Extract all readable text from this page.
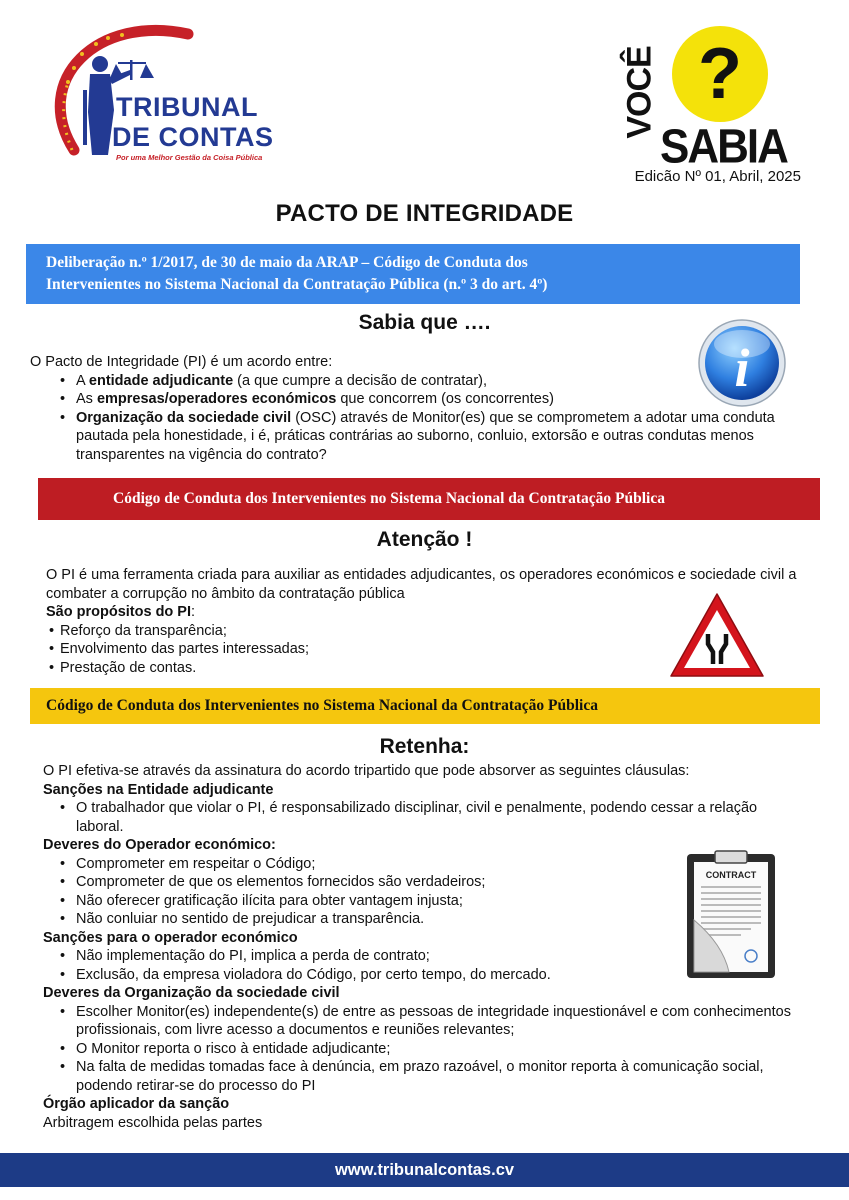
TRIBUNAL
DE CONTAS
Por uma Melhor Gestão da Coisa Pública
VOCÊ ?
SABIA
Edicão Nº 01, Abril, 2025
PACTO DE INTEGRIDADE
Deliberação n.º 1/2017, de 30 de maio da ARAP – Código de Conduta dos
Intervenientes no Sistema Nacional da Contratação Pública (n.º 3 do art. 4º)
Sabia que ….
i
O Pacto de Integridade (PI) é um acordo entre:
• A entidade adjudicante (a que cumpre a decisão de contratar),
• As empresas/operadores económicos que concorrem (os concorrentes)
• Organização da sociedade civil (OSC) através de Monitor(es) que se comprometem a adotar uma conduta pautada pela honestidade, i é, práticas contrárias ao suborno, conluio, extorsão e outras condutas menos transparentes na vigência do contrato?
Código de Conduta dos Intervenientes no Sistema Nacional da Contratação Pública
Atenção !
O PI é uma ferramenta criada para auxiliar as entidades adjudicantes, os operadores económicos e sociedade civil a combater a corrupção no âmbito da contratação pública
São propósitos do PI:
• Reforço da transparência;
• Envolvimento das partes interessadas;
• Prestação de contas.
Código de Conduta dos Intervenientes no Sistema Nacional da Contratação Pública
Retenha:
O PI efetiva-se através da assinatura do acordo tripartido que pode absorver as seguintes cláusulas:
Sanções na Entidade adjudicante
• O trabalhador que violar o PI, é responsabilizado disciplinar, civil e penalmente, podendo cessar a relação laboral.
Deveres do Operador económico:
• Comprometer em respeitar o Código;
• Comprometer de que os elementos fornecidos são verdadeiros;
• Não oferecer gratificação ilícita para obter vantagem injusta;
• Não conluiar no sentido de prejudicar a transparência.
Sanções para o operador económico
• Não implementação do PI, implica a perda de contrato;
• Exclusão, da empresa violadora do Código, por certo tempo, do mercado.
Deveres da Organização da sociedade civil
• Escolher Monitor(es) independente(s) de entre as pessoas de integridade inquestionável e com conhecimentos profissionais, com livre acesso a documentos e reuniões relevantes;
• O Monitor reporta o risco à entidade adjudicante;
• Na falta de medidas tomadas face à denúncia, em prazo razoável, o monitor reporta à comunicação social, podendo retirar-se do processo do PI
Órgão aplicador da sanção
Arbitragem escolhida pelas partes
CONTRACT
www.tribunalcontas.cv
